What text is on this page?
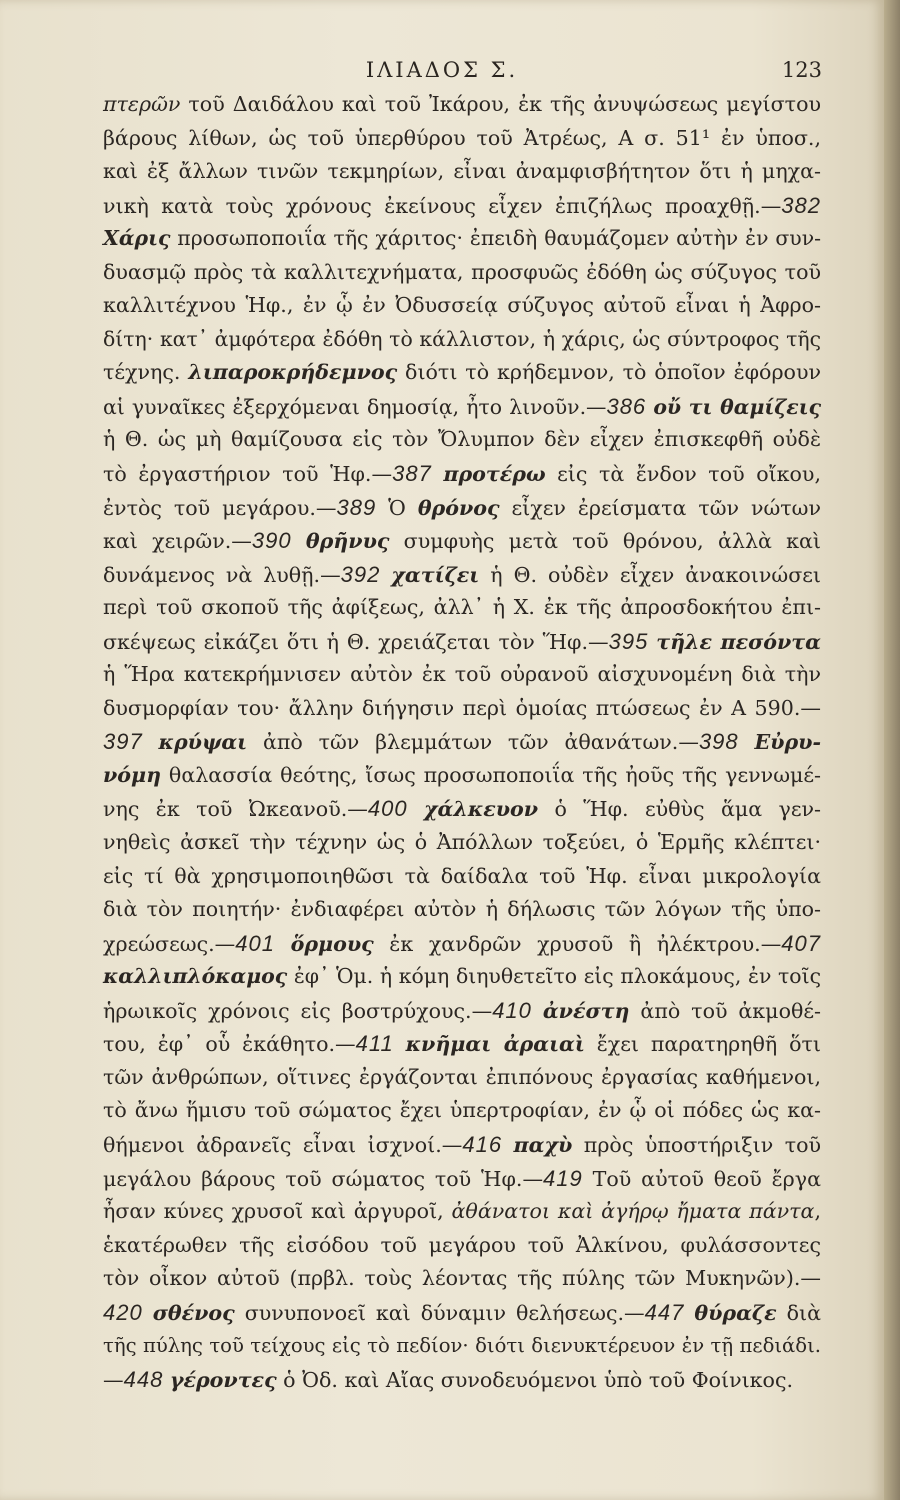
ΙΛΙΑΔΟΣ Σ.	123
πτερῶν τοῦ Δαιδάλου καὶ τοῦ Ἰκάρου, ἐκ τῆς ἀνυψώσεως μεγίστου
βάρους λίθων, ὡς τοῦ ὑπερθύρου τοῦ Ἀτρέως, Α σ. 51¹ ἐν ὑποσ.,
καὶ ἐξ ἄλλων τινῶν τεκμηρίων, εἶναι ἀναμφισβήτητον ὅτι ἡ μηχα-
νικὴ κατὰ τοὺς χρόνους ἐκείνους εἶχεν ἐπιζήλως προαχθῇ.—382
Χάρις προσωποποιΐα τῆς χάριτος· ἐπειδὴ θαυμάζομεν αὐτὴν ἐν συν-
δυασμῷ πρὸς τὰ καλλιτεχνήματα, προσφυῶς ἐδόθη ὡς σύζυγος τοῦ
καλλιτέχνου Ἡφ., ἐν ᾧ ἐν Ὀδυσσείᾳ σύζυγος αὐτοῦ εἶναι ἡ Ἀφρο-
δίτη· κατ᾽ ἀμφότερα ἐδόθη τὸ κάλλιστον, ἡ χάρις, ὡς σύντροφος τῆς
τέχνης. λιπαροκρήδεμνος διότι τὸ κρήδεμνον, τὸ ὁποῖον ἐφόρουν
αἱ γυναῖκες ἐξερχόμεναι δημοσίᾳ, ἦτο λινοῦν.—386 οὔ τι θαμίζεις
ἡ Θ. ὡς μὴ θαμίζουσα εἰς τὸν Ὄλυμπον δὲν εἶχεν ἐπισκεφθῆ οὐδὲ
τὸ ἐργαστήριον τοῦ Ἡφ.—387 προτέρω εἰς τὰ ἔνδον τοῦ οἴκου,
ἐντὸς τοῦ μεγάρου.—389 Ὁ θρόνος εἶχεν ἐρείσματα τῶν νώτων
καὶ χειρῶν.—390 θρῆνυς συμφυὴς μετὰ τοῦ θρόνου, ἀλλὰ καὶ
δυνάμενος νὰ λυθῇ.—392 χατίζει ἡ Θ. οὐδὲν εἶχεν ἀνακοινώσει
περὶ τοῦ σκοποῦ τῆς ἀφίξεως, ἀλλ᾽ ἡ Χ. ἐκ τῆς ἀπροσδοκήτου ἐπι-
σκέψεως εἰκάζει ὅτι ἡ Θ. χρειάζεται τὸν Ἥφ.—395 τῆλε πεσόντα
ἡ Ἥρα κατεκρήμνισεν αὐτὸν ἐκ τοῦ οὐρανοῦ αἰσχυνομένη διὰ τὴν
δυσμορφίαν του· ἄλλην διήγησιν περὶ ὁμοίας πτώσεως ἐν Α 590.—
397 κρύψαι ἀπὸ τῶν βλεμμάτων τῶν ἀθανάτων.—398 Εὐρυ-
νόμη θαλασσία θεότης, ἴσως προσωποποιΐα τῆς ἠοῦς τῆς γεννωμέ-
νης ἐκ τοῦ Ὠκεανοῦ.—400 χάλκευον ὁ Ἥφ. εὐθὺς ἅμα γεν-
νηθεὶς ἀσκεῖ τὴν τέχνην ὡς ὁ Ἀπόλλων τοξεύει, ὁ Ἑρμῆς κλέπτει·
εἰς τί θὰ χρησιμοποιηθῶσι τὰ δαίδαλα τοῦ Ἡφ. εἶναι μικρολογία
διὰ τὸν ποιητήν· ἐνδιαφέρει αὐτὸν ἡ δήλωσις τῶν λόγων τῆς ὑπο-
χρεώσεως.—401 ὅρμους ἐκ χανδρῶν χρυσοῦ ἢ ἠλέκτρου.—407
καλλιπλόκαμος ἐφ᾽ Ὁμ. ἡ κόμη διηυθετεῖτο εἰς πλοκάμους, ἐν τοῖς
ἡρωικοῖς χρόνοις εἰς βοστρύχους.—410 ἀνέστη ἀπὸ τοῦ ἀκμοθέ-
του, ἐφ᾽ οὗ ἐκάθητο.—411 κνῆμαι ἀραιαὶ ἔχει παρατηρηθῆ ὅτι
τῶν ἀνθρώπων, οἵτινες ἐργάζονται ἐπιπόνους ἐργασίας καθήμενοι,
τὸ ἄνω ἥμισυ τοῦ σώματος ἔχει ὑπερτροφίαν, ἐν ᾧ οἱ πόδες ὡς κα-
θήμενοι ἀδρανεῖς εἶναι ἰσχνοί.—416 παχὺ πρὸς ὑποστήριξιν τοῦ
μεγάλου βάρους τοῦ σώματος τοῦ Ἡφ.—419 Τοῦ αὐτοῦ θεοῦ ἔργα
ἦσαν κύνες χρυσοῖ καὶ ἀργυροῖ, ἀθάνατοι καὶ ἀγήρῳ ἤματα πάντα,
ἑκατέρωθεν τῆς εἰσόδου τοῦ μεγάρου τοῦ Ἀλκίνου, φυλάσσοντες
τὸν οἶκον αὐτοῦ (πρβλ. τοὺς λέοντας τῆς πύλης τῶν Μυκηνῶν).—
420 σθένος συνυπονοεῖ καὶ δύναμιν θελήσεως.—447 θύραζε διὰ
τῆς πύλης τοῦ τείχους εἰς τὸ πεδίον· διότι διενυκτέρευον ἐν τῇ πεδιάδι.
—448 γέροντες ὁ Ὀδ. καὶ Αἴας συνοδευόμενοι ὑπὸ τοῦ Φοίνικος.
